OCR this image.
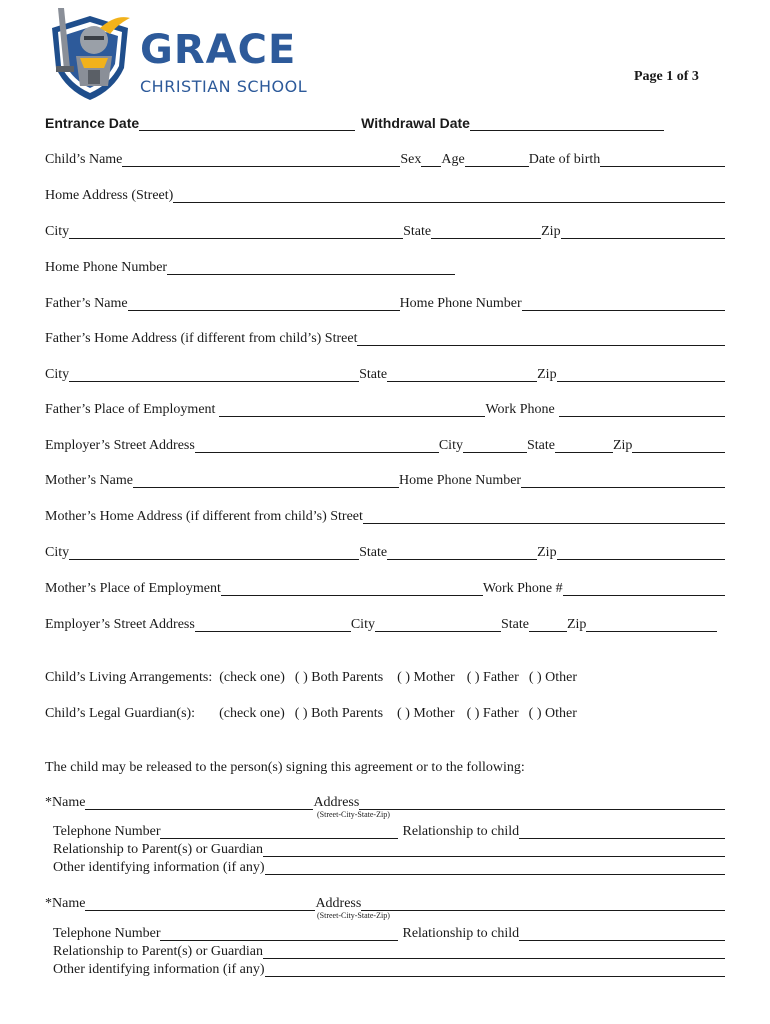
GRACE
CHRISTIAN SCHOOL
Page 1 of 3
Entrance Date	Withdrawal Date
Child’s Name	Sex Age	Date of birth
Home Address (Street)
City	State	Zip
Home Phone Number
Father’s Name	Home Phone Number
Father’s Home Address (if different from child’s) Street
City	State	Zip
Father’s Place of Employment	Work Phone
Employer’s Street Address	City	State	Zip
Mother’s Name	Home Phone Number
Mother’s Home Address (if different from child’s) Street
City	State	Zip
Mother’s Place of Employment	Work Phone #
Employer’s Street Address	City	State	Zip
Child’s Living Arrangements: (check one) ( ) Both Parents ( ) Mother ( ) Father ( ) Other
Child’s Legal Guardian(s): (check one) ( ) Both Parents ( ) Mother ( ) Father ( ) Other
The child may be released to the person(s) signing this agreement or to the following:
*Name	Address
(Street-City-State-Zip)
Telephone Number	Relationship to child
Relationship to Parent(s) or Guardian
Other identifying information (if any)
*Name	Address
(Street-City-State-Zip)
Telephone Number	Relationship to child
Relationship to Parent(s) or Guardian
Other identifying information (if any)
